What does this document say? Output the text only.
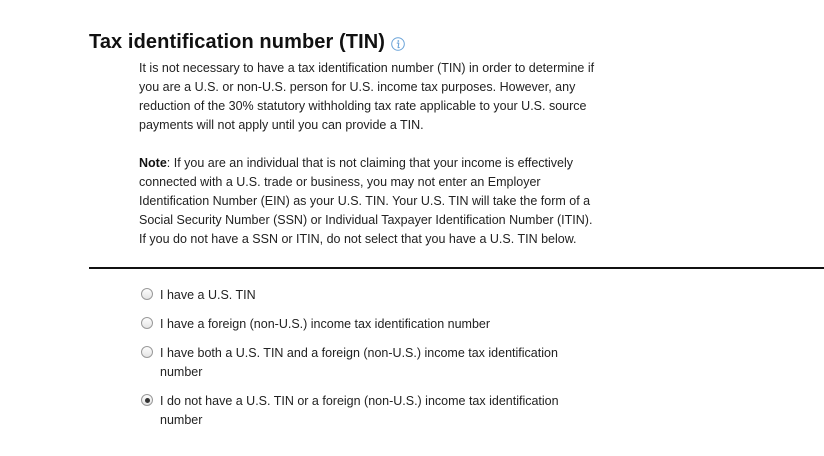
Tax identification number (TIN)

It is not necessary to have a tax identification number (TIN) in order to determine if you are a U.S. or non-U.S. person for U.S. income tax purposes. However, any reduction of the 30% statutory withholding tax rate applicable to your U.S. source payments will not apply until you can provide a TIN.

Note: If you are an individual that is not claiming that your income is effectively connected with a U.S. trade or business, you may not enter an Employer Identification Number (EIN) as your U.S. TIN. Your U.S. TIN will take the form of a Social Security Number (SSN) or Individual Taxpayer Identification Number (ITIN). If you do not have a SSN or ITIN, do not select that you have a U.S. TIN below.

I have a U.S. TIN
I have a foreign (non-U.S.) income tax identification number
I have both a U.S. TIN and a foreign (non-U.S.) income tax identification number
I do not have a U.S. TIN or a foreign (non-U.S.) income tax identification number
